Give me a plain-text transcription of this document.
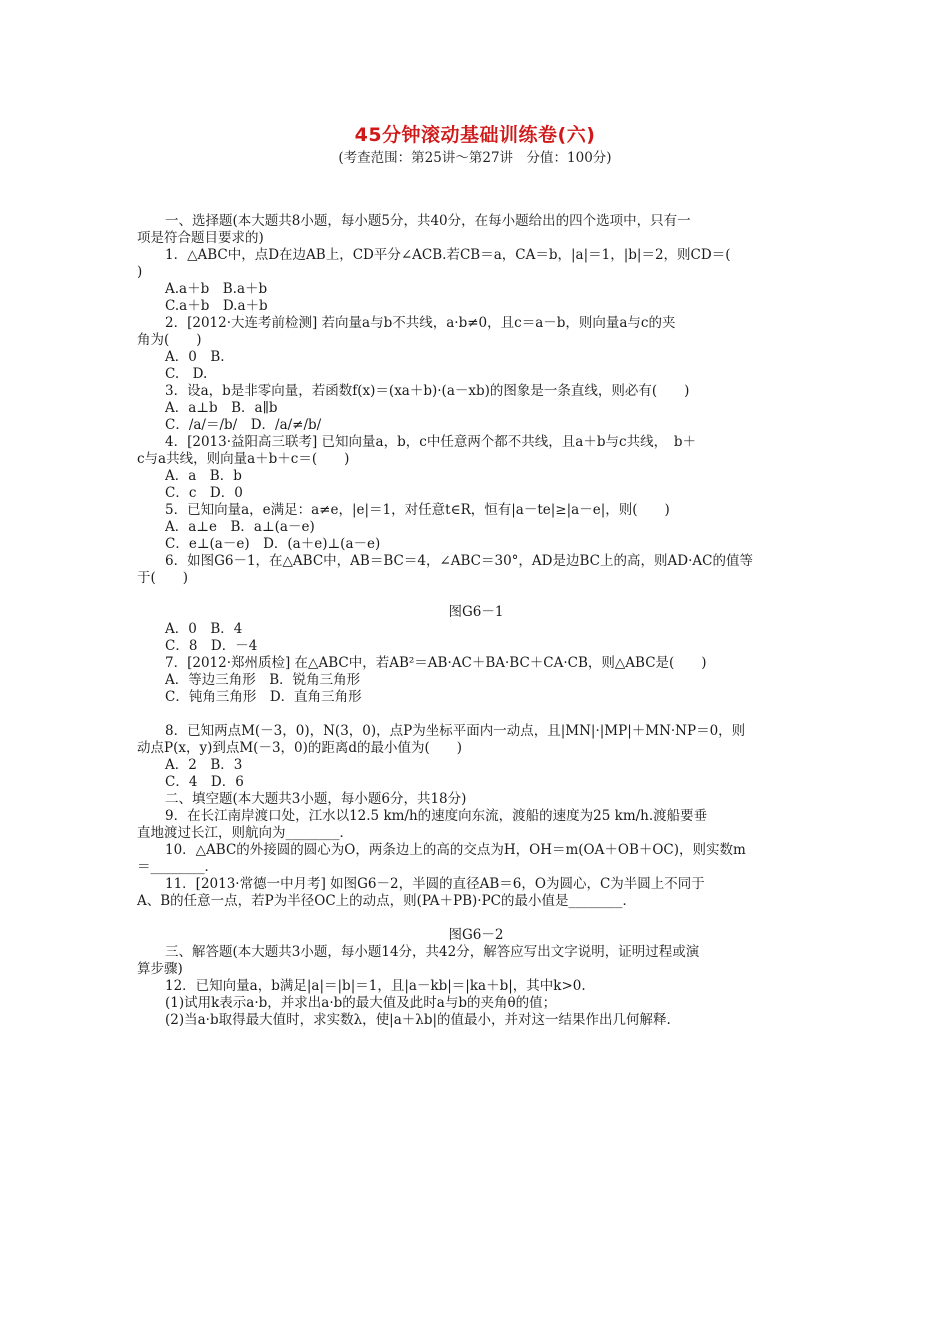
45分钟滚动基础训练卷(六)
(考查范围：第25讲～第27讲　分值：100分)
一、选择题(本大题共8小题，每小题5分，共40分，在每小题给出的四个选项中，只有一
项是符合题目要求的)
1．△ABC中，点D在边AB上，CD平分∠ACB.若CB＝a，CA＝b，|a|＝1，|b|＝2，则CD＝(
)
A.a＋b　B.a＋b
C.a＋b　D.a＋b
2．[2012·大连考前检测] 若向量a与b不共线，a·b≠0，且c＝a－b，则向量a与c的夹
角为(　　)
A．0　B.
C.　D.
3．设a，b是非零向量，若函数f(x)＝(xa＋b)·(a－xb)的图象是一条直线，则必有(　　)
A．a⊥b　B．a∥b
C．/a/＝/b/　D．/a/≠/b/
4．[2013·益阳高三联考] 已知向量a，b，c中任意两个都不共线，且a＋b与c共线，　b＋
c与a共线，则向量a＋b＋c＝(　　)
A．a　B．b
C．c　D．0
5．已知向量a，e满足：a≠e，|e|＝1，对任意t∈R，恒有|a－te|≥|a－e|，则(　　)
A．a⊥e　B．a⊥(a－e)
C．e⊥(a－e)　D．(a＋e)⊥(a－e)
6．如图G6－1，在△ABC中，AB＝BC＝4，∠ABC＝30°，AD是边BC上的高，则AD·AC的值等
于(　　)
图G6－1
A．0　B．4
C．8　D．－4
7．[2012·郑州质检] 在△ABC中，若AB²＝AB·AC＋BA·BC＋CA·CB，则△ABC是(　　)
A．等边三角形　B．锐角三角形
C．钝角三角形　D．直角三角形
8．已知两点M(－3，0)，N(3，0)，点P为坐标平面内一动点，且|MN|·|MP|＋MN·NP＝0，则
动点P(x，y)到点M(－3，0)的距离d的最小值为(　　)
A．2　B．3
C．4　D．6
二、填空题(本大题共3小题，每小题6分，共18分)
9．在长江南岸渡口处，江水以12.5 km/h的速度向东流，渡船的速度为25 km/h.渡船要垂
直地渡过长江，则航向为________．
10．△ABC的外接圆的圆心为O，两条边上的高的交点为H，OH＝m(OA＋OB＋OC)，则实数m
＝________．
11．[2013·常德一中月考] 如图G6－2，半圆的直径AB＝6，O为圆心，C为半圆上不同于
A、B的任意一点，若P为半径OC上的动点，则(PA＋PB)·PC的最小值是________．
图G6－2
三、解答题(本大题共3小题，每小题14分，共42分，解答应写出文字说明，证明过程或演
算步骤)
12．已知向量a，b满足|a|＝|b|＝1，且|a－kb|＝|ka＋b|，其中k>0.
(1)试用k表示a·b，并求出a·b的最大值及此时a与b的夹角θ的值；
(2)当a·b取得最大值时，求实数λ，使|a＋λb|的值最小，并对这一结果作出几何解释.
